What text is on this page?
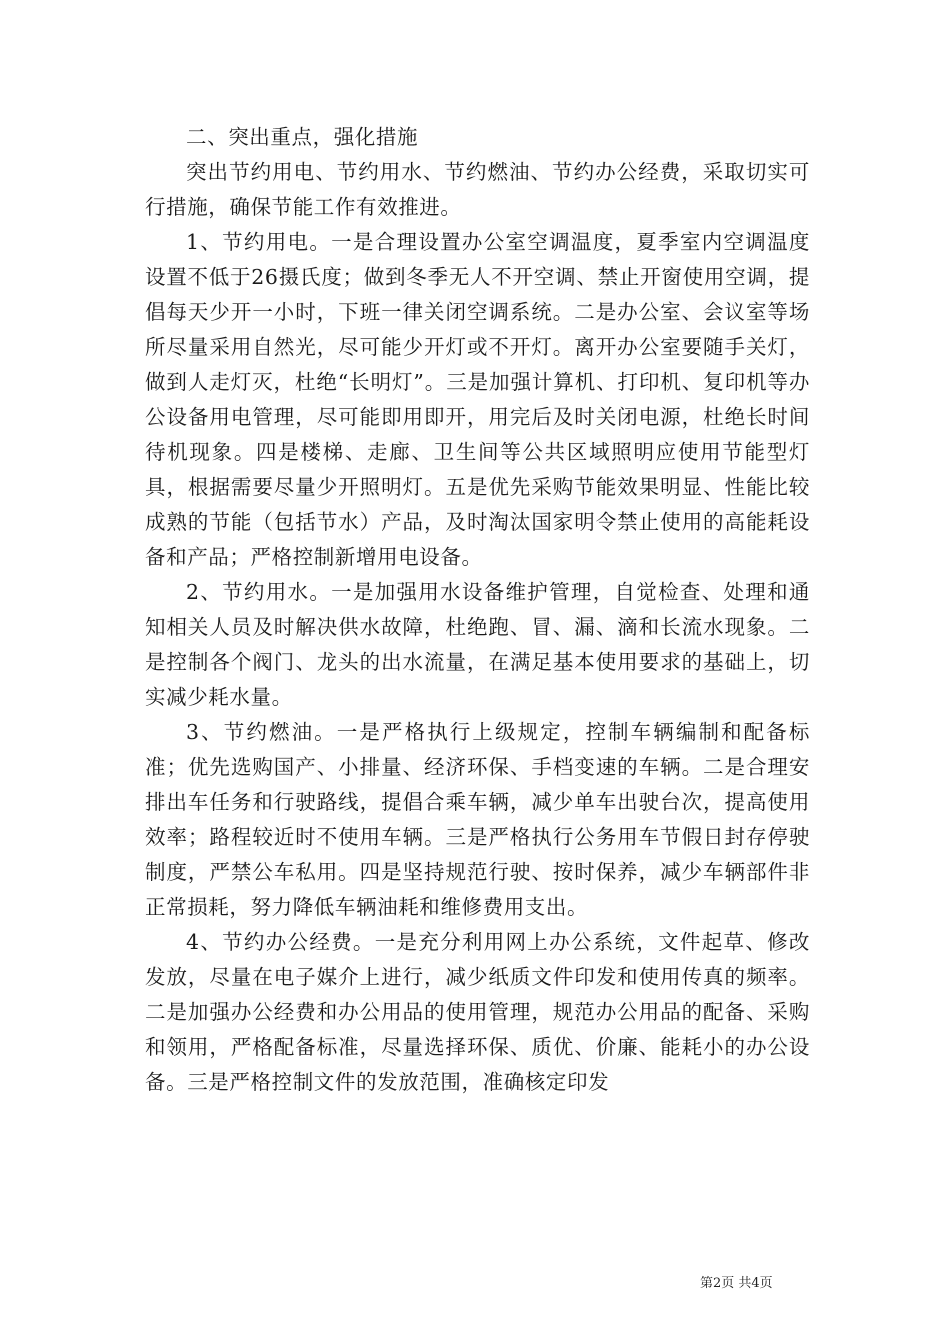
二、突出重点，强化措施

突出节约用电、节约用水、节约燃油、节约办公经费，采取切实可行措施，确保节能工作有效推进。

1、节约用电。一是合理设置办公室空调温度，夏季室内空调温度设置不低于26摄氏度；做到冬季无人不开空调、禁止开窗使用空调，提倡每天少开一小时，下班一律关闭空调系统。二是办公室、会议室等场所尽量采用自然光，尽可能少开灯或不开灯。离开办公室要随手关灯，做到人走灯灭，杜绝“长明灯”。三是加强计算机、打印机、复印机等办公设备用电管理，尽可能即用即开，用完后及时关闭电源，杜绝长时间待机现象。四是楼梯、走廊、卫生间等公共区域照明应使用节能型灯具，根据需要尽量少开照明灯。五是优先采购节能效果明显、性能比较成熟的节能（包括节水）产品，及时淘汰国家明令禁止使用的高能耗设备和产品；严格控制新增用电设备。

2、节约用水。一是加强用水设备维护管理，自觉检查、处理和通知相关人员及时解决供水故障，杜绝跑、冒、漏、滴和长流水现象。二是控制各个阀门、龙头的出水流量，在满足基本使用要求的基础上，切实减少耗水量。

3、节约燃油。一是严格执行上级规定，控制车辆编制和配备标准；优先选购国产、小排量、经济环保、手档变速的车辆。二是合理安排出车任务和行驶路线，提倡合乘车辆，减少单车出驶台次，提高使用效率；路程较近时不使用车辆。三是严格执行公务用车节假日封存停驶制度，严禁公车私用。四是坚持规范行驶、按时保养，减少车辆部件非正常损耗，努力降低车辆油耗和维修费用支出。

4、节约办公经费。一是充分利用网上办公系统，文件起草、修改发放，尽量在电子媒介上进行，减少纸质文件印发和使用传真的频率。二是加强办公经费和办公用品的使用管理，规范办公用品的配备、采购和领用，严格配备标准，尽量选择环保、质优、价廉、能耗小的办公设备。三是严格控制文件的发放范围，准确核定印发

第2页 共4页
